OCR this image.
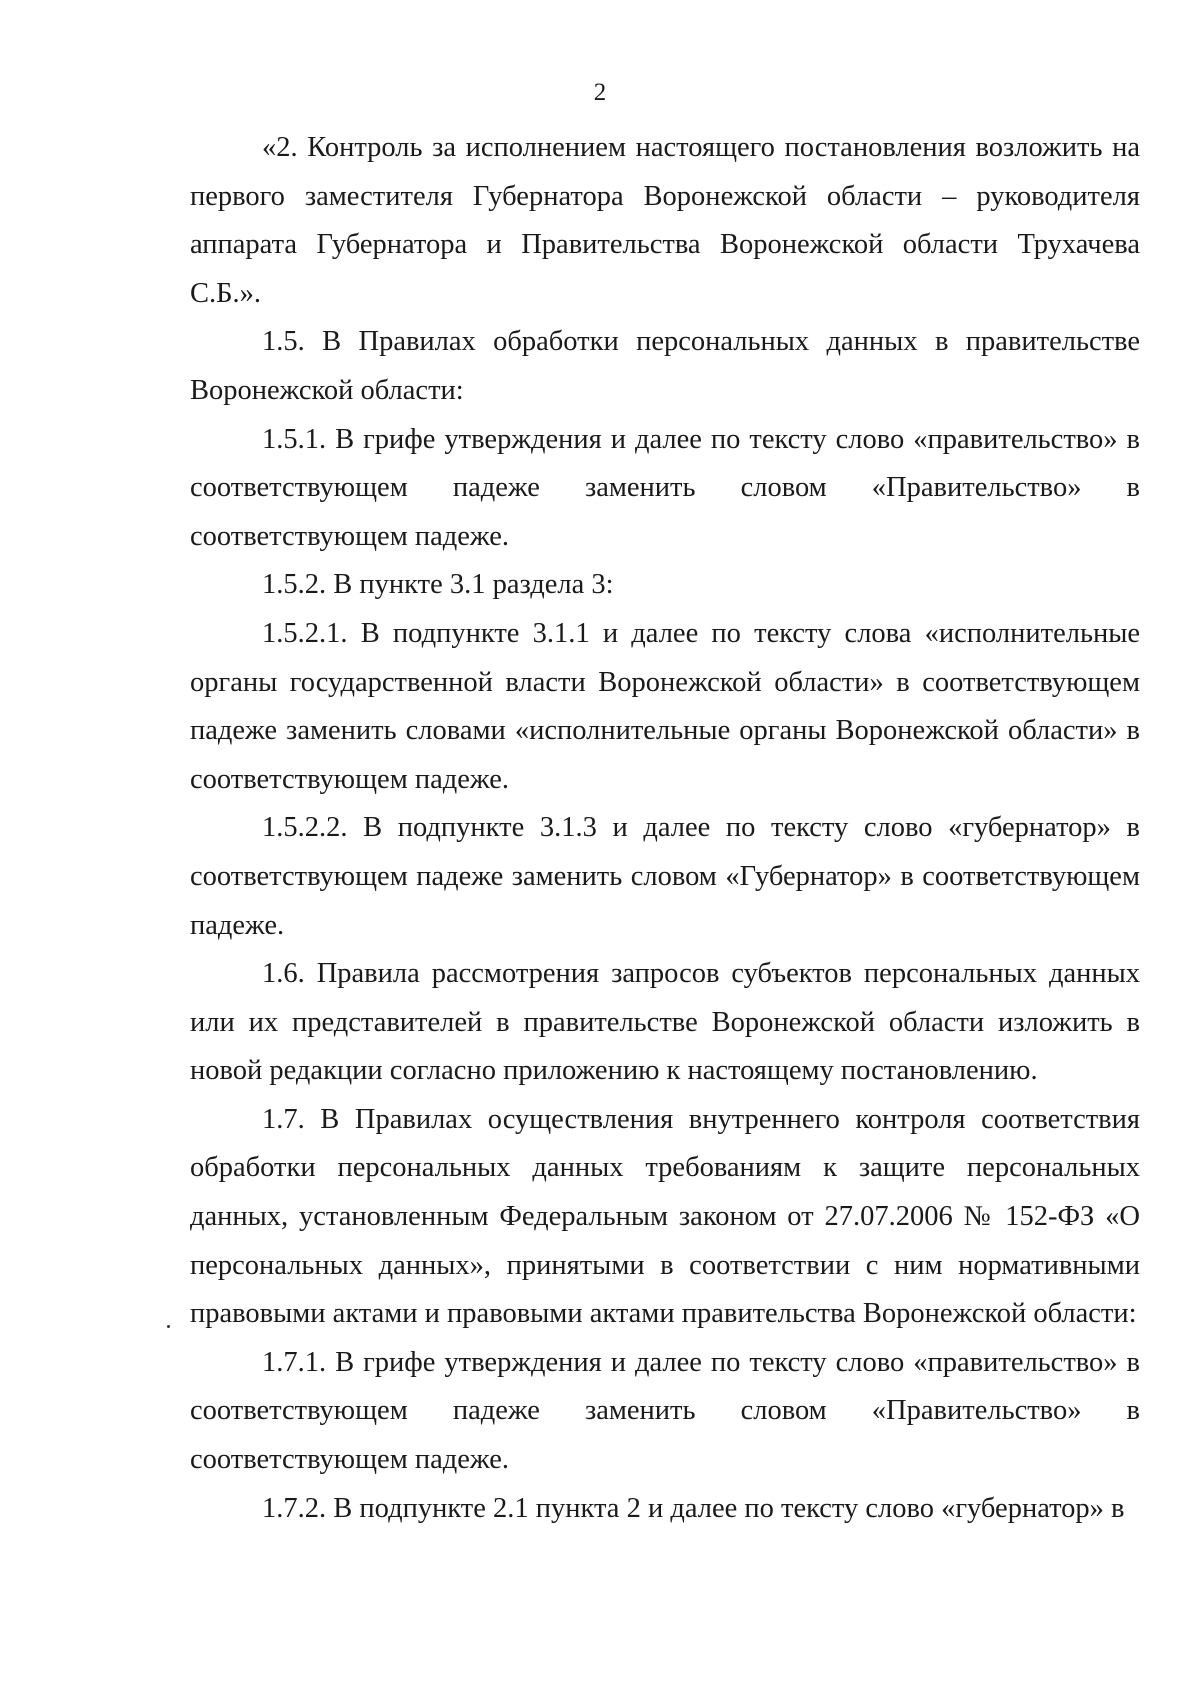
2

«2. Контроль за исполнением настоящего постановления возложить на первого заместителя Губернатора Воронежской области – руководителя аппарата Губернатора и Правительства Воронежской области Трухачева С.Б.».

1.5. В Правилах обработки персональных данных в правительстве Воронежской области:

1.5.1. В грифе утверждения и далее по тексту слово «правительство» в соответствующем падеже заменить словом «Правительство» в соответствующем падеже.

1.5.2. В пункте 3.1 раздела 3:

1.5.2.1. В подпункте 3.1.1 и далее по тексту слова «исполнительные органы государственной власти Воронежской области» в соответствующем падеже заменить словами «исполнительные органы Воронежской области» в соответствующем падеже.

1.5.2.2. В подпункте 3.1.3 и далее по тексту слово «губернатор» в соответствующем падеже заменить словом «Губернатор» в соответствующем падеже.

1.6. Правила рассмотрения запросов субъектов персональных данных или их представителей в правительстве Воронежской области изложить в новой редакции согласно приложению к настоящему постановлению.

1.7. В Правилах осуществления внутреннего контроля соответствия обработки персональных данных требованиям к защите персональных данных, установленным Федеральным законом от 27.07.2006 № 152-ФЗ «О персональных данных», принятыми в соответствии с ним нормативными правовыми актами и правовыми актами правительства Воронежской области:

1.7.1. В грифе утверждения и далее по тексту слово «правительство» в соответствующем падеже заменить словом «Правительство» в соответствующем падеже.

1.7.2. В подпункте 2.1 пункта 2 и далее по тексту слово «губернатор» в
